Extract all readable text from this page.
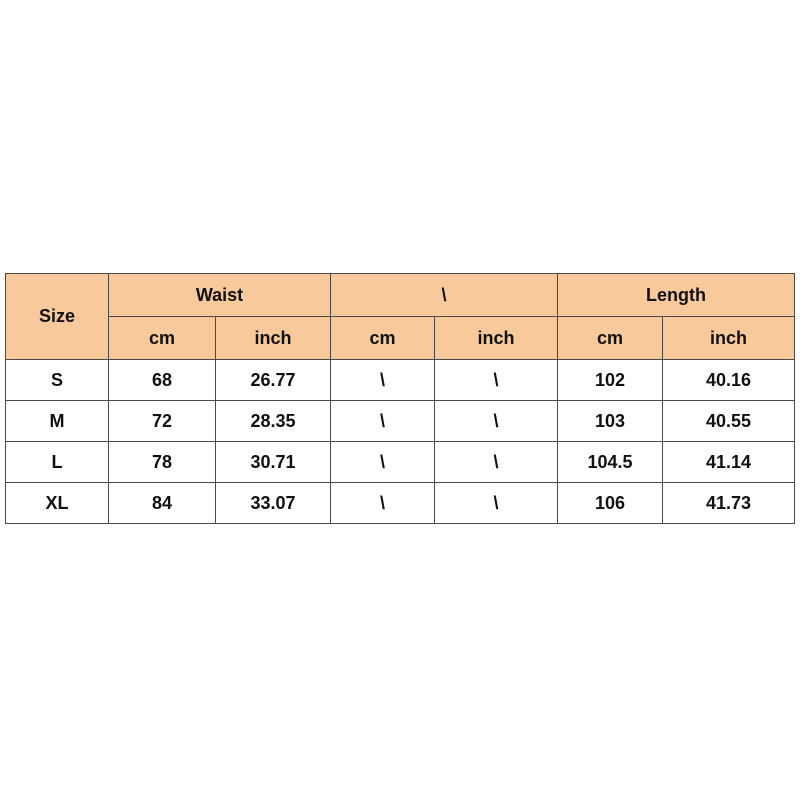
Size	Waist		\		Length	
	cm	inch	cm	inch	cm	inch
S	68	26.77	\	\	102	40.16
M	72	28.35	\	\	103	40.55
L	78	30.71	\	\	104.5	41.14
XL	84	33.07	\	\	106	41.73
